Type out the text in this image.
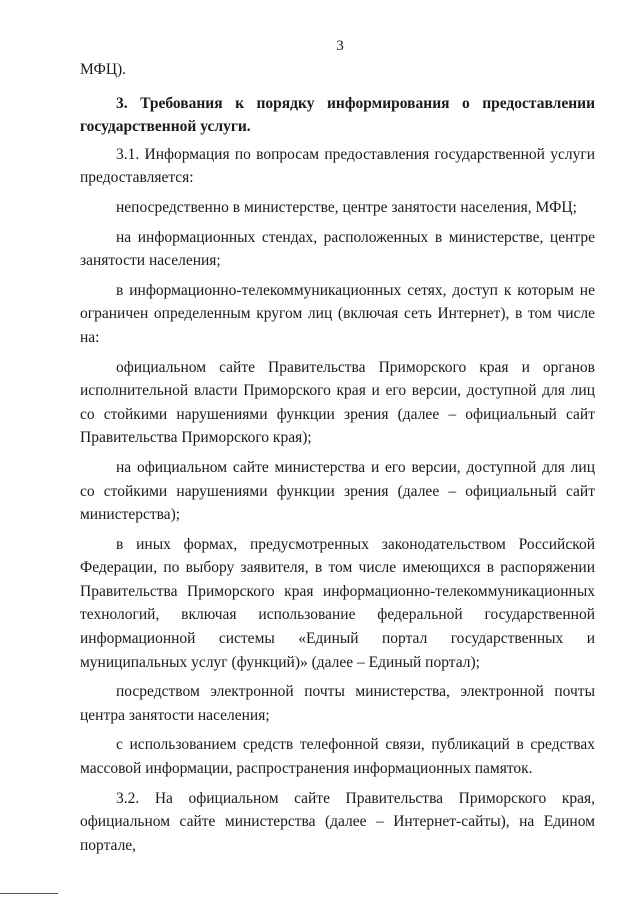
3

МФЦ).

3. Требования к порядку информирования о предоставлении государственной услуги.

3.1. Информация по вопросам предоставления государственной услуги предоставляется:

непосредственно в министерстве, центре занятости населения, МФЦ;

на информационных стендах, расположенных в министерстве, центре занятости населения;

в информационно-телекоммуникационных сетях, доступ к которым не ограничен определенным кругом лиц (включая сеть Интернет), в том числе на:

официальном сайте Правительства Приморского края и органов исполнительной власти Приморского края и его версии, доступной для лиц со стойкими нарушениями функции зрения (далее – официальный сайт Правительства Приморского края);

на официальном сайте министерства и его версии, доступной для лиц со стойкими нарушениями функции зрения (далее – официальный сайт министерства);

в иных формах, предусмотренных законодательством Российской Федерации, по выбору заявителя, в том числе имеющихся в распоряжении Правительства Приморского края информационно-телекоммуникационных технологий, включая использование федеральной государственной информационной системы «Единый портал государственных и муниципальных услуг (функций)» (далее – Единый портал);

посредством электронной почты министерства, электронной почты центра занятости населения;

с использованием средств телефонной связи, публикаций в средствах массовой информации, распространения информационных памяток.

3.2. На официальном сайте Правительства Приморского края, официальном сайте министерства (далее – Интернет-сайты), на Едином портале,
